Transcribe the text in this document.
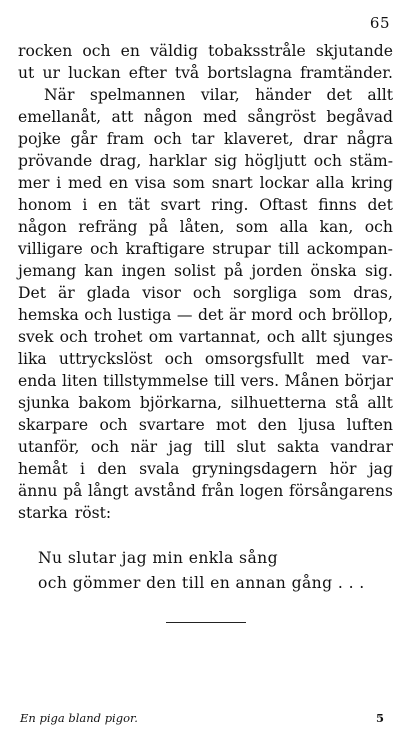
65
rocken och en väldig tobaksstråle skjutande
ut ur luckan efter två bortslagna framtänder.
När spelmannen vilar, händer det allt
emellanåt, att någon med sångröst begåvad
pojke går fram och tar klaveret, drar några
prövande drag, harklar sig högljutt och stäm-
mer i med en visa som snart lockar alla kring
honom i en tät svart ring. Oftast finns det
någon refräng på låten, som alla kan, och
villigare och kraftigare strupar till ackompan-
jemang kan ingen solist på jorden önska sig.
Det är glada visor och sorgliga som dras,
hemska och lustiga — det är mord och bröllop,
svek och trohet om vartannat, och allt sjunges
lika uttryckslöst och omsorgsfullt med var-
enda liten tillstymmelse till vers. Månen börjar
sjunka bakom björkarna, silhuetterna stå allt
skarpare och svartare mot den ljusa luften
utanför, och när jag till slut sakta vandrar
hemåt i den svala gryningsdagern hör jag
ännu på långt avstånd från logen försångarens
starka röst:
Nu slutar jag min enkla sång
och gömmer den till en annan gång . . .
En piga bland pigor.	5
